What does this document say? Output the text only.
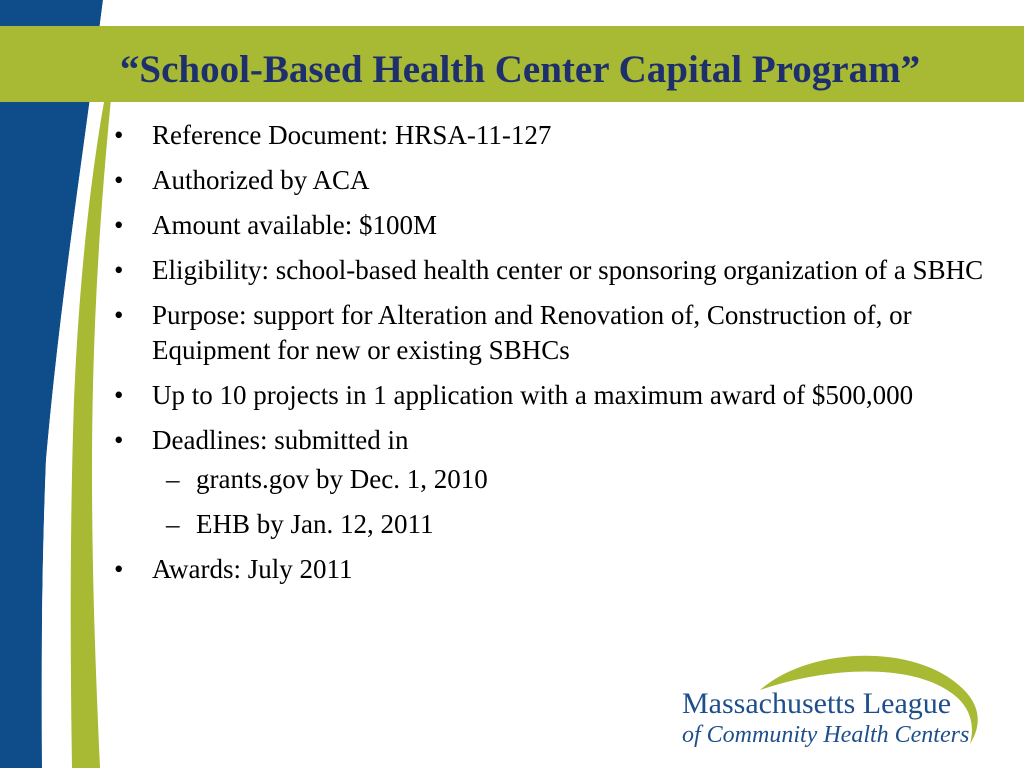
“School-Based Health Center Capital Program”
• Reference Document: HRSA-11-127
• Authorized by ACA
• Amount available: $100M
• Eligibility: school-based health center or sponsoring organization of a SBHC
• Purpose: support for Alteration and Renovation of, Construction of, or Equipment for new or existing SBHCs
• Up to 10 projects in 1 application with a maximum award of $500,000
• Deadlines: submitted in
– grants.gov by Dec. 1, 2010
– EHB by Jan. 12, 2011
• Awards: July 2011

Massachusetts League

of Community Health Centers
